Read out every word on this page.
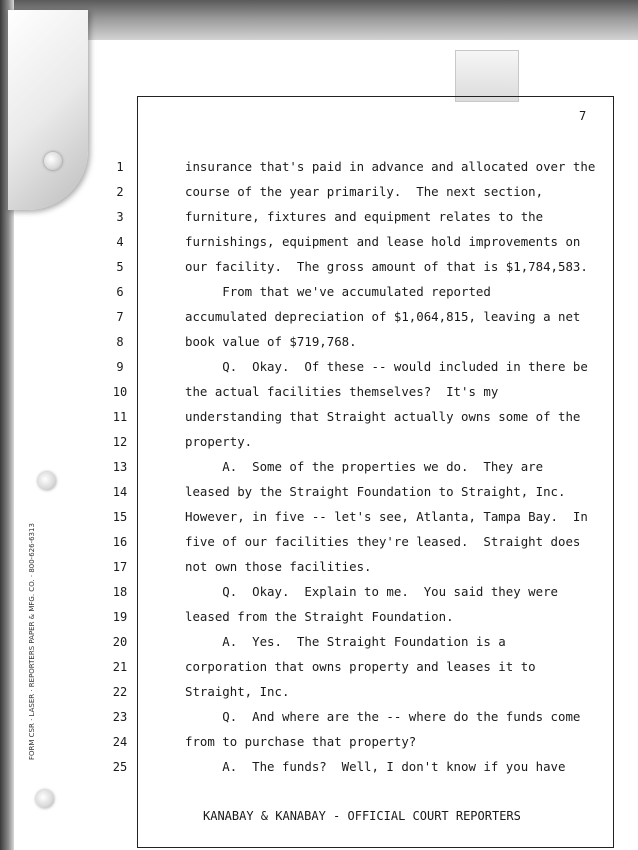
FORM CSR · LASER · REPORTERS PAPER & MFG. CO. · 800-626-6313
7
1
2
3
4
5
6
7
8
9
10
11
12
13
14
15
16
17
18
19
20
21
22
23
24
25
insurance that's paid in advance and allocated over the
course of the year primarily.  The next section,
furniture, fixtures and equipment relates to the
furnishings, equipment and lease hold improvements on
our facility.  The gross amount of that is $1,784,583.
From that we've accumulated reported
accumulated depreciation of $1,064,815, leaving a net
book value of $719,768.
Q.  Okay.  Of these -- would included in there be
the actual facilities themselves?  It's my
understanding that Straight actually owns some of the
property.
A.  Some of the properties we do.  They are
leased by the Straight Foundation to Straight, Inc.
However, in five -- let's see, Atlanta, Tampa Bay.  In
five of our facilities they're leased.  Straight does
not own those facilities.
Q.  Okay.  Explain to me.  You said they were
leased from the Straight Foundation.
A.  Yes.  The Straight Foundation is a
corporation that owns property and leases it to
Straight, Inc.
Q.  And where are the -- where do the funds come
from to purchase that property?
A.  The funds?  Well, I don't know if you have
KANABAY & KANABAY - OFFICIAL COURT REPORTERS
